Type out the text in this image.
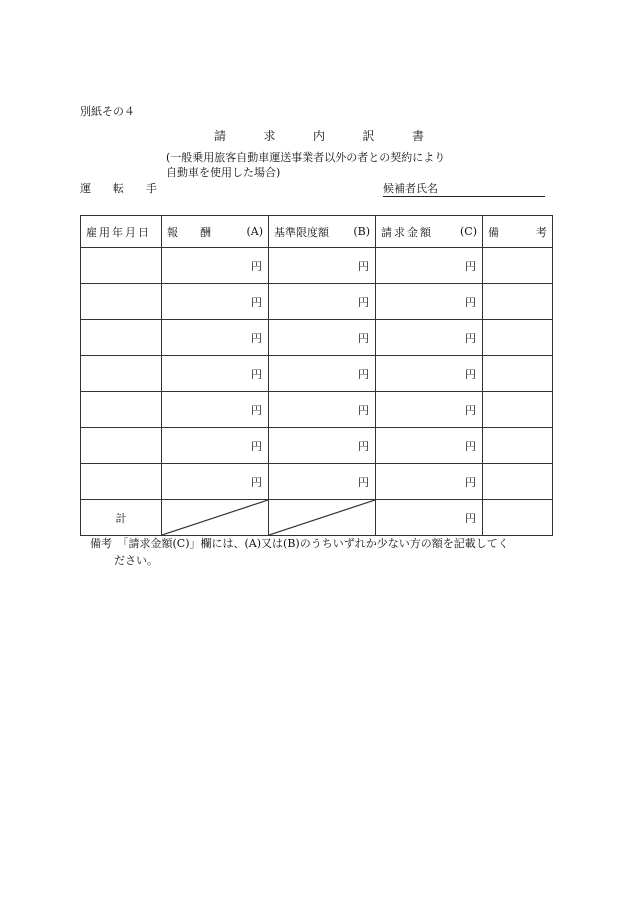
別紙その４
請	求	内	訳	書
(一般乗用旅客自動車運送事業者以外の者との契約により
自動車を使用した場合)
運 転 手	候補者氏名
雇用年月日	報　　酬 (A)	基準限度額 (B)	請求金額 (C)	備 考

	円	円	円	
	円	円	円	
	円	円	円	
	円	円	円	
	円	円	円	
	円	円	円	
	円	円	円	
計			円	
備考　「請求金額(C)」欄には、(A)又は(B)のうちいずれか少ない方の額を記載してく
ださい。
